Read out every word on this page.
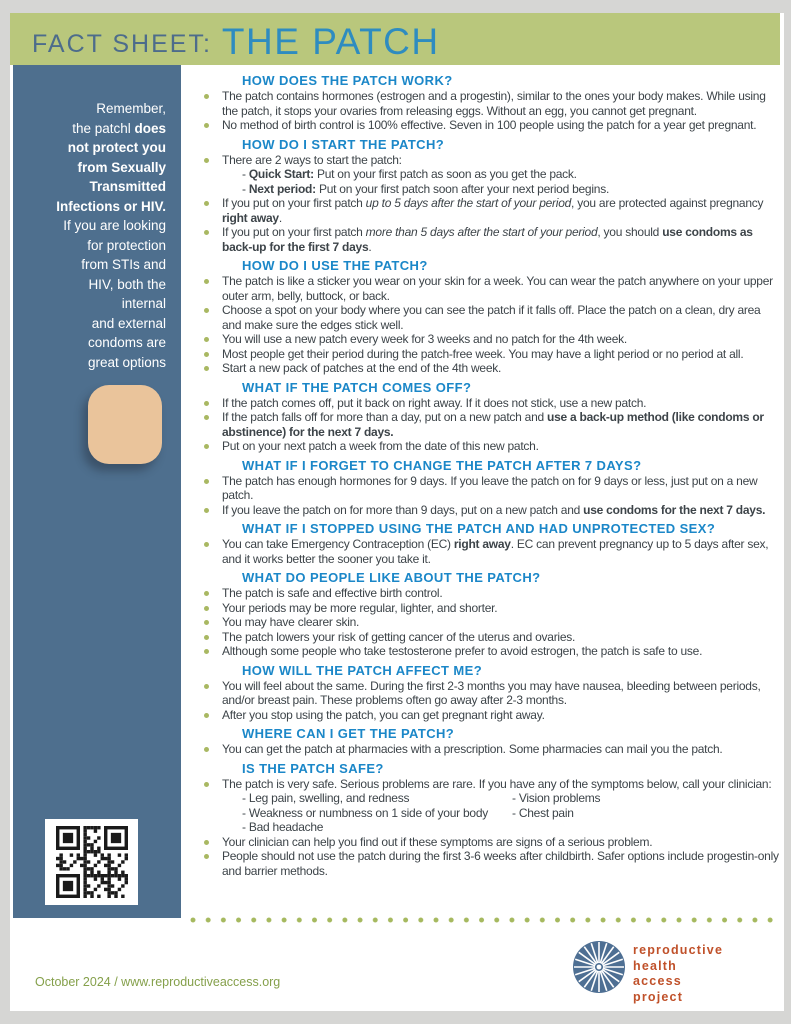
FACT SHEET: THE PATCH
Remember,
the patchl does
not protect you
from Sexually
Transmitted
Infections or HIV.
If you are looking
for protection
from STIs and
HIV, both the
internal
and external
condoms are
great options
HOW DOES THE PATCH WORK?
The patch contains hormones (estrogen and a progestin), similar to the ones your body makes. While using the patch, it stops your ovaries from releasing eggs. Without an egg, you cannot get pregnant.
No method of birth control is 100% effective. Seven in 100 people using the patch for a year get pregnant.
HOW DO I START THE PATCH?
There are 2 ways to start the patch:
- Quick Start: Put on your first patch as soon as you get the pack.
- Next period: Put on your first patch soon after your next period begins.
If you put on your first patch up to 5 days after the start of your period, you are protected against pregnancy right away.
If you put on your first patch more than 5 days after the start of your period, you should use condoms as back-up for the first 7 days.
HOW DO I USE THE PATCH?
The patch is like a sticker you wear on your skin for a week. You can wear the patch anywhere on your upper outer arm, belly, buttock, or back.
Choose a spot on your body where you can see the patch if it falls off. Place the patch on a clean, dry area and make sure the edges stick well.
You will use a new patch every week for 3 weeks and no patch for the 4th week.
Most people get their period during the patch-free week. You may have a light period or no period at all.
Start a new pack of patches at the end of the 4th week.
WHAT IF THE PATCH COMES OFF?
If the patch comes off, put it back on right away. If it does not stick, use a new patch.
If the patch falls off for more than a day, put on a new patch and use a back-up method (like condoms or abstinence) for the next 7 days.
Put on your next patch a week from the date of this new patch.
WHAT IF I FORGET TO CHANGE THE PATCH AFTER 7 DAYS?
The patch has enough hormones for 9 days. If you leave the patch on for 9 days or less, just put on a new patch.
If you leave the patch on for more than 9 days, put on a new patch and use condoms for the next 7 days.
WHAT IF I STOPPED USING THE PATCH AND HAD UNPROTECTED SEX?
You can take Emergency Contraception (EC) right away. EC can prevent pregnancy up to 5 days after sex, and it works better the sooner you take it.
WHAT DO PEOPLE LIKE ABOUT THE PATCH?
The patch is safe and effective birth control.
Your periods may be more regular, lighter, and shorter.
You may have clearer skin.
The patch lowers your risk of getting cancer of the uterus and ovaries.
Although some people who take testosterone prefer to avoid estrogen, the patch is safe to use.
HOW WILL THE PATCH AFFECT ME?
You will feel about the same. During the first 2-3 months you may have nausea, bleeding between periods, and/or breast pain. These problems often go away after 2-3 months.
After you stop using the patch, you can get pregnant right away.
WHERE CAN I GET THE PATCH?
You can get the patch at pharmacies with a prescription. Some pharmacies can mail you the patch.
IS THE PATCH SAFE?
The patch is very safe. Serious problems are rare. If you have any of the symptoms below, call your clinician:
- Leg pain, swelling, and redness
- Weakness or numbness on 1 side of your body
- Bad headache
- Vision problems
- Chest pain
Your clinician can help you find out if these symptoms are signs of a serious problem.
People should not use the patch during the first 3-6 weeks after childbirth. Safer options include progestin-only and barrier methods.
October 2024 / www.reproductiveaccess.org
reproductive
health
access
project
